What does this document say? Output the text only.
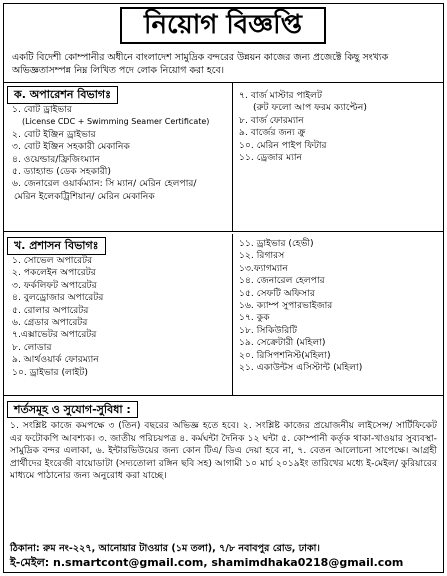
নিয়োগ বিজ্ঞপ্তি
একটি বিদেশী কোম্পানীর অধীনে বাংলাদেশ সামুদ্রিক বন্দরের উন্নয়ন কাজের জন্য প্রজেক্টে কিছু সংখ্যক অভিজ্ঞতাসম্পন্ন নিম্ন লিখিত পদে লোক নিয়োগ করা হবে।
ক. অপারেশন বিভাগঃ
১. বোট ড্রাইভার
(License CDC + Swimming Seamer Certificate)
২. বোট ইঞ্জিন ড্রাইভার
৩. বোট ইঞ্জিন সহকারী মেকানিক
৪. ওয়েল্ডার/ফ্রিজিংম্যান
৫. ড্যাহ্যান্ড (ডেক সহকারী)
৬. জেনারেল ওয়ার্কম্যান: সি ম্যান/ মেরিন হেলপার/
মেরিন ইলেকট্রিশিয়ান/ মেরিন মেকানিক
৭. বার্জ মাস্টার পাইলট
(রুট ফলো আপ ফরম ক্যাপ্টেন)
৮. বার্জ ফোরম্যান
৯. বার্জের জন্য ক্রু
১০. মেরিন পাইপ ফিটার
১১. ড্রেজার ম্যান
খ. প্রশাসন বিভাগঃ
১. সোভেল অপারেটর
২. পকলেইন অপারেটর
৩. ফর্কলিফট অপারেটর
৪. বুলড্রোজার অপারেটর
৫. রোলার অপারেটর
৬. গ্রেডার অপারেটর
৭.এক্সাভেটর অপারেটর
৮. লোডার
৯. আর্থওয়ার্ক ফোরম্যান
১০. ড্রাইভার (লাইট)
১১. ড্রাইভার (হেভী)
১২. রিগারস
১৩.ফ্যাগম্যান
১৪. জেনারেল হেলপার
১৫. সেফটি অফিসার
১৬. ক্যাম্প সুপারভাইজার
১৭. কুক
১৮. সিকিউরিটি
১৯. সেক্রেটারী (মহিলা)
২০. রিসিপশনিস্ট(মহিলা)
২১. একাউন্টস এসিস্টান্ট (মহিলা)
শর্তসমূহ ও সুযোগ-সুবিধা :
১. সংশ্লিষ্ট কাজে কমপক্ষে ৩ (তিন) বছরের অভিজ্ঞ হতে হবে। ২. সংশ্লিষ্ট কাজের প্রয়োজনীয় লাইসেন্স/ সার্টিফিকেট এর ফটোকপি আবশ্যক। ৩. জাতীয় পরিচয়পত্র ৪. কর্মঘন্টা দৈনিক ১২ ঘন্টা ৫. কোম্পানী কর্তৃক থাকা-খাওয়ার সুব্যবস্থা- সামুদ্রিক বন্দর এলাকা, ৬. ইন্টারভিউয়ের জন্য কোন টিএ/ ডিএ দেয়া হবে না, ৭. বেতন আলোচনা সাপেক্ষে। আগ্রহী প্রার্থীদের ইংরেজী বায়োডাটা (সদ্যতোলা রঙ্গিন ছবি সহ) আগামী ১০ মার্চ ২০১৯ইং তারিখের মধ্যে ই-মেইল/ কুরিয়ারের মাধ্যমে পাঠানোর জন্য অনুরোধ করা যাচ্ছে।
ঠিকানা: রুম নং-২২৭, আনোয়ার টাওয়ার (১ম তলা), ৭/৮ নবাবপুর রোড, ঢাকা।
ই-মেইল: n.smartcont@gmail.com, shamimdhaka0218@gmail.com
